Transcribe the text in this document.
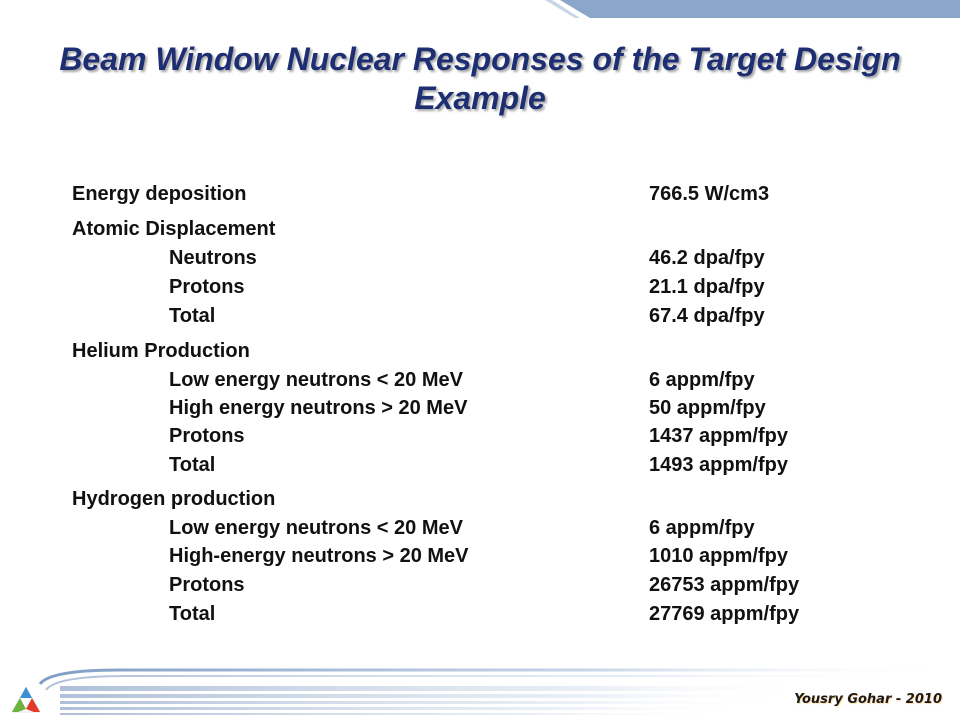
Beam Window Nuclear Responses of the Target Design Example
Energy deposition	766.5 W/cm3
Atomic Displacement
Neutrons	46.2 dpa/fpy
Protons	21.1 dpa/fpy
Total	67.4 dpa/fpy
Helium Production
Low energy neutrons < 20 MeV	6 appm/fpy
High energy neutrons > 20 MeV	50 appm/fpy
Protons	1437 appm/fpy
Total	1493 appm/fpy
Hydrogen production
Low energy neutrons < 20 MeV	6 appm/fpy
High-energy neutrons > 20 MeV	1010 appm/fpy
Protons	26753 appm/fpy
Total	27769 appm/fpy
Yousry Gohar - 2010
